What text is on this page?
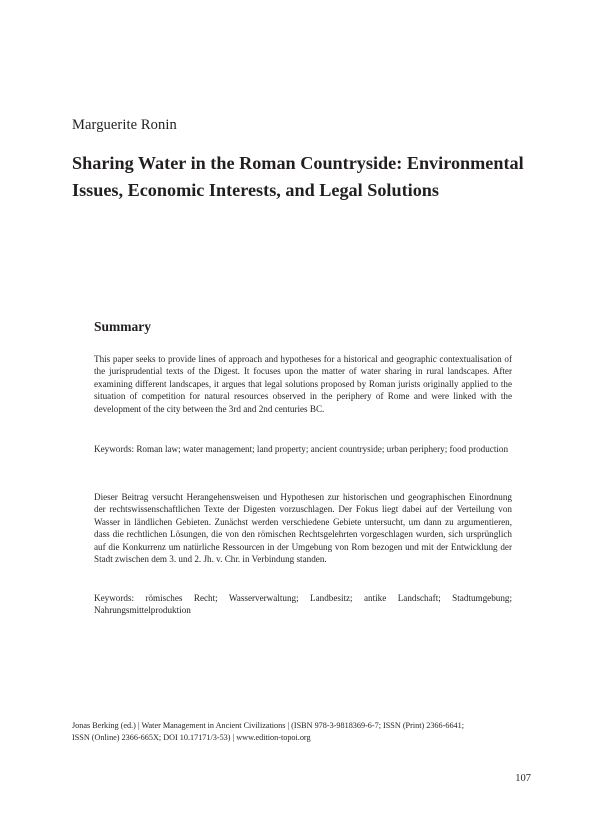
Marguerite Ronin
Sharing Water in the Roman Countryside: Environmental Issues, Economic Interests, and Legal Solutions
Summary

This paper seeks to provide lines of approach and hypotheses for a historical and geographic contextualisation of the jurisprudential texts of the Digest. It focuses upon the matter of water sharing in rural landscapes. After examining different landscapes, it argues that legal solutions proposed by Roman jurists originally applied to the situation of competition for natural resources observed in the periphery of Rome and were linked with the development of the city between the 3rd and 2nd centuries BC.

Keywords: Roman law; water management; land property; ancient countryside; urban periphery; food production

Dieser Beitrag versucht Herangehensweisen und Hypothesen zur historischen und geographischen Einordnung der rechtswissenschaftlichen Texte der Digesten vorzuschlagen. Der Fokus liegt dabei auf der Verteilung von Wasser in ländlichen Gebieten. Zunächst werden verschiedene Gebiete untersucht, um dann zu argumentieren, dass die rechtlichen Lösungen, die von den römischen Rechtsgelehrten vorgeschlagen wurden, sich ursprünglich auf die Konkurrenz um natürliche Ressourcen in der Umgebung von Rom bezogen und mit der Entwicklung der Stadt zwischen dem 3. und 2. Jh. v. Chr. in Verbindung standen.

Keywords: römisches Recht; Wasserverwaltung; Landbesitz; antike Landschaft; Stadtumgebung; Nahrungsmittelproduktion

Jonas Berking (ed.) | Water Management in Ancient Civilizations | (ISBN 978-3-9818369-6-7; ISSN (Print) 2366-6641; ISSN (Online) 2366-665X; DOI 10.17171/3-53) | www.edition-topoi.org

107
